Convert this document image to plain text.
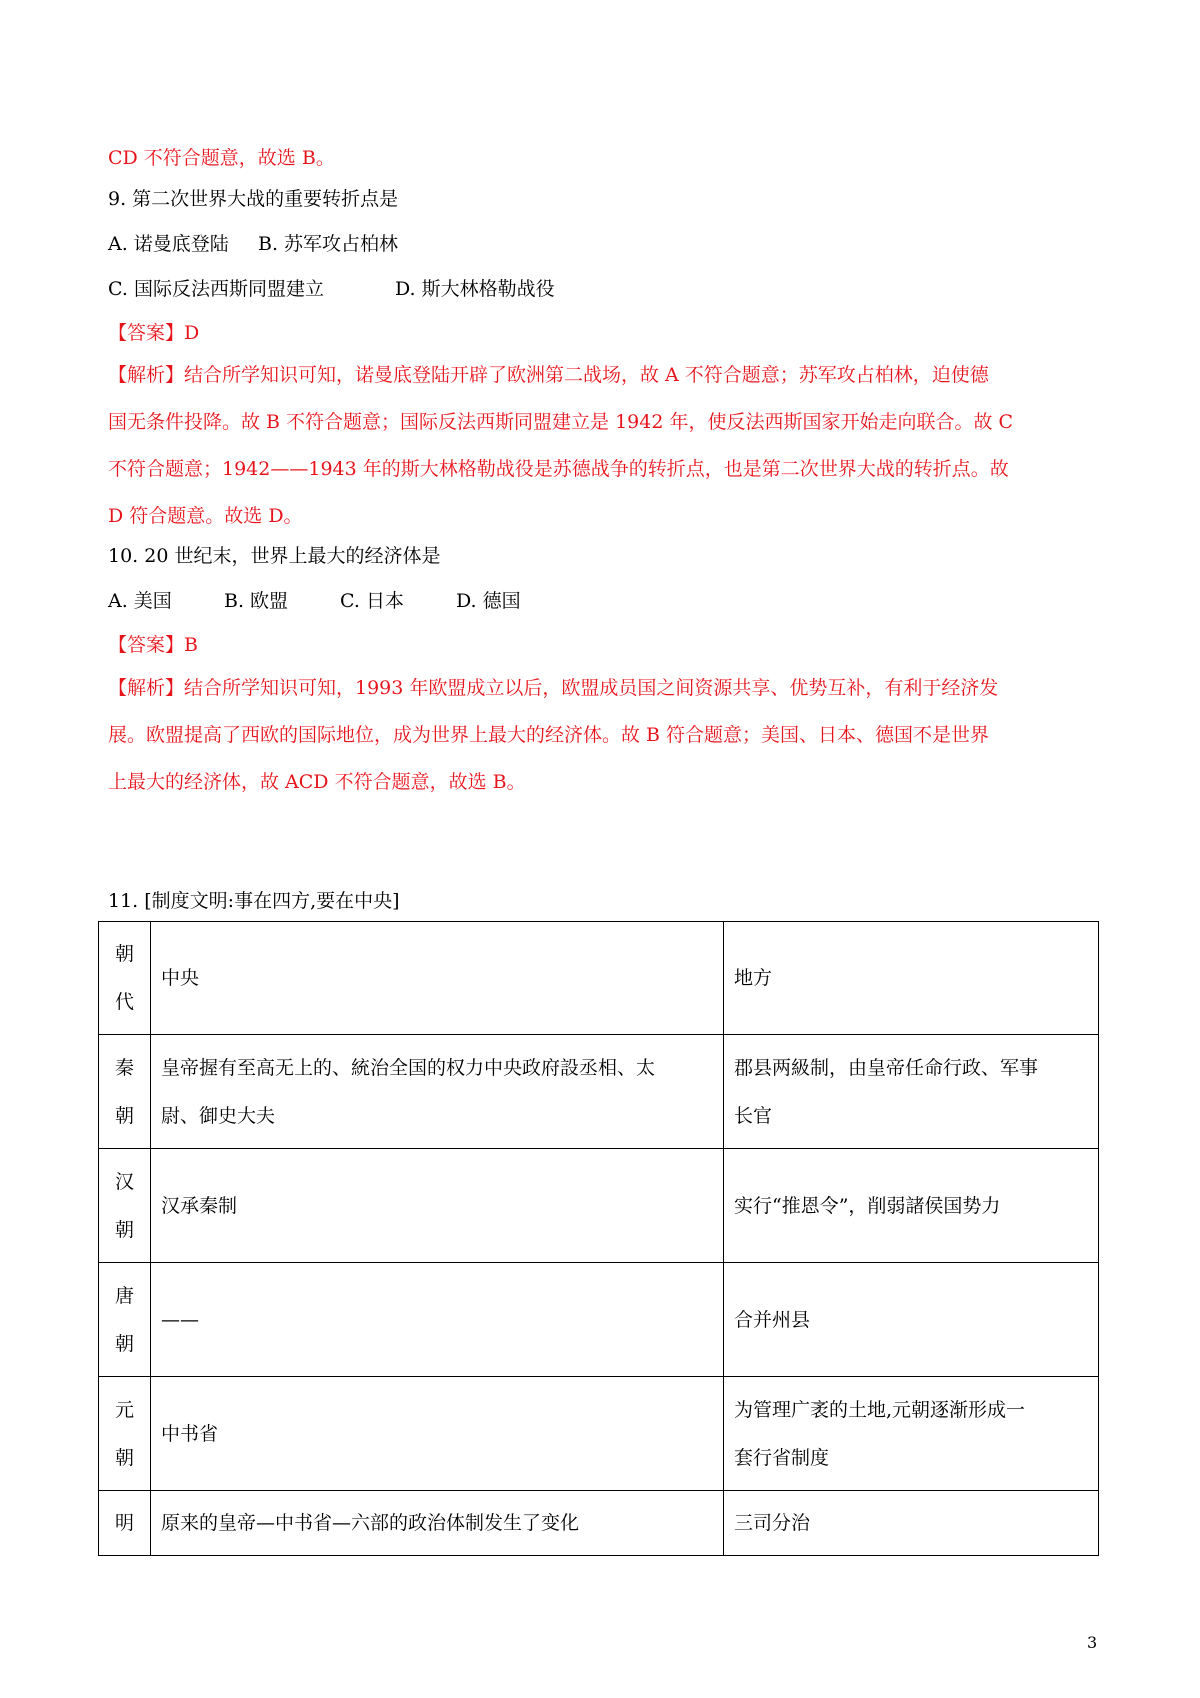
CD 不符合题意，故选 B。
9. 第二次世界大战的重要转折点是
A. 诺曼底登陆 B. 苏军攻占柏林
C. 国际反法西斯同盟建立	D. 斯大林格勒战役
【答案】D
【解析】结合所学知识可知，诺曼底登陆开辟了欧洲第二战场，故 A 不符合题意；苏军攻占柏林，迫使德
国无条件投降。故 B 不符合题意；国际反法西斯同盟建立是 1942 年，使反法西斯国家开始走向联合。故 C
不符合题意；1942——1943 年的斯大林格勒战役是苏德战争的转折点，也是第二次世界大战的转折点。故
D 符合题意。故选 D。
10. 20 世纪末，世界上最大的经济体是
A. 美国	B. 欧盟	C. 日本	D. 德国
【答案】B
【解析】结合所学知识可知，1993 年欧盟成立以后，欧盟成员国之间资源共享、优势互补，有利于经济发
展。欧盟提高了西欧的国际地位，成为世界上最大的经济体。故 B 符合题意；美国、日本、德国不是世界
上最大的经济体，故 ACD 不符合题意，故选 B。
11. [制度文明:事在四方,要在中央]
朝
代	中央	地方

秦
朝	皇帝握有至高无上的、統治全国的权力中央政府設丞相、太
尉、御史大夫	郡县两級制，由皇帝任命行政、军事
长官

汉
朝	汉承秦制	实行“推恩令”，削弱諸侯国势力

唐
朝	——	合并州县

元
朝	中书省	为管理广袤的土地,元朝逐渐形成一
套行省制度

明	原来的皇帝—中书省—六部的政治体制发生了变化	三司分治
3
